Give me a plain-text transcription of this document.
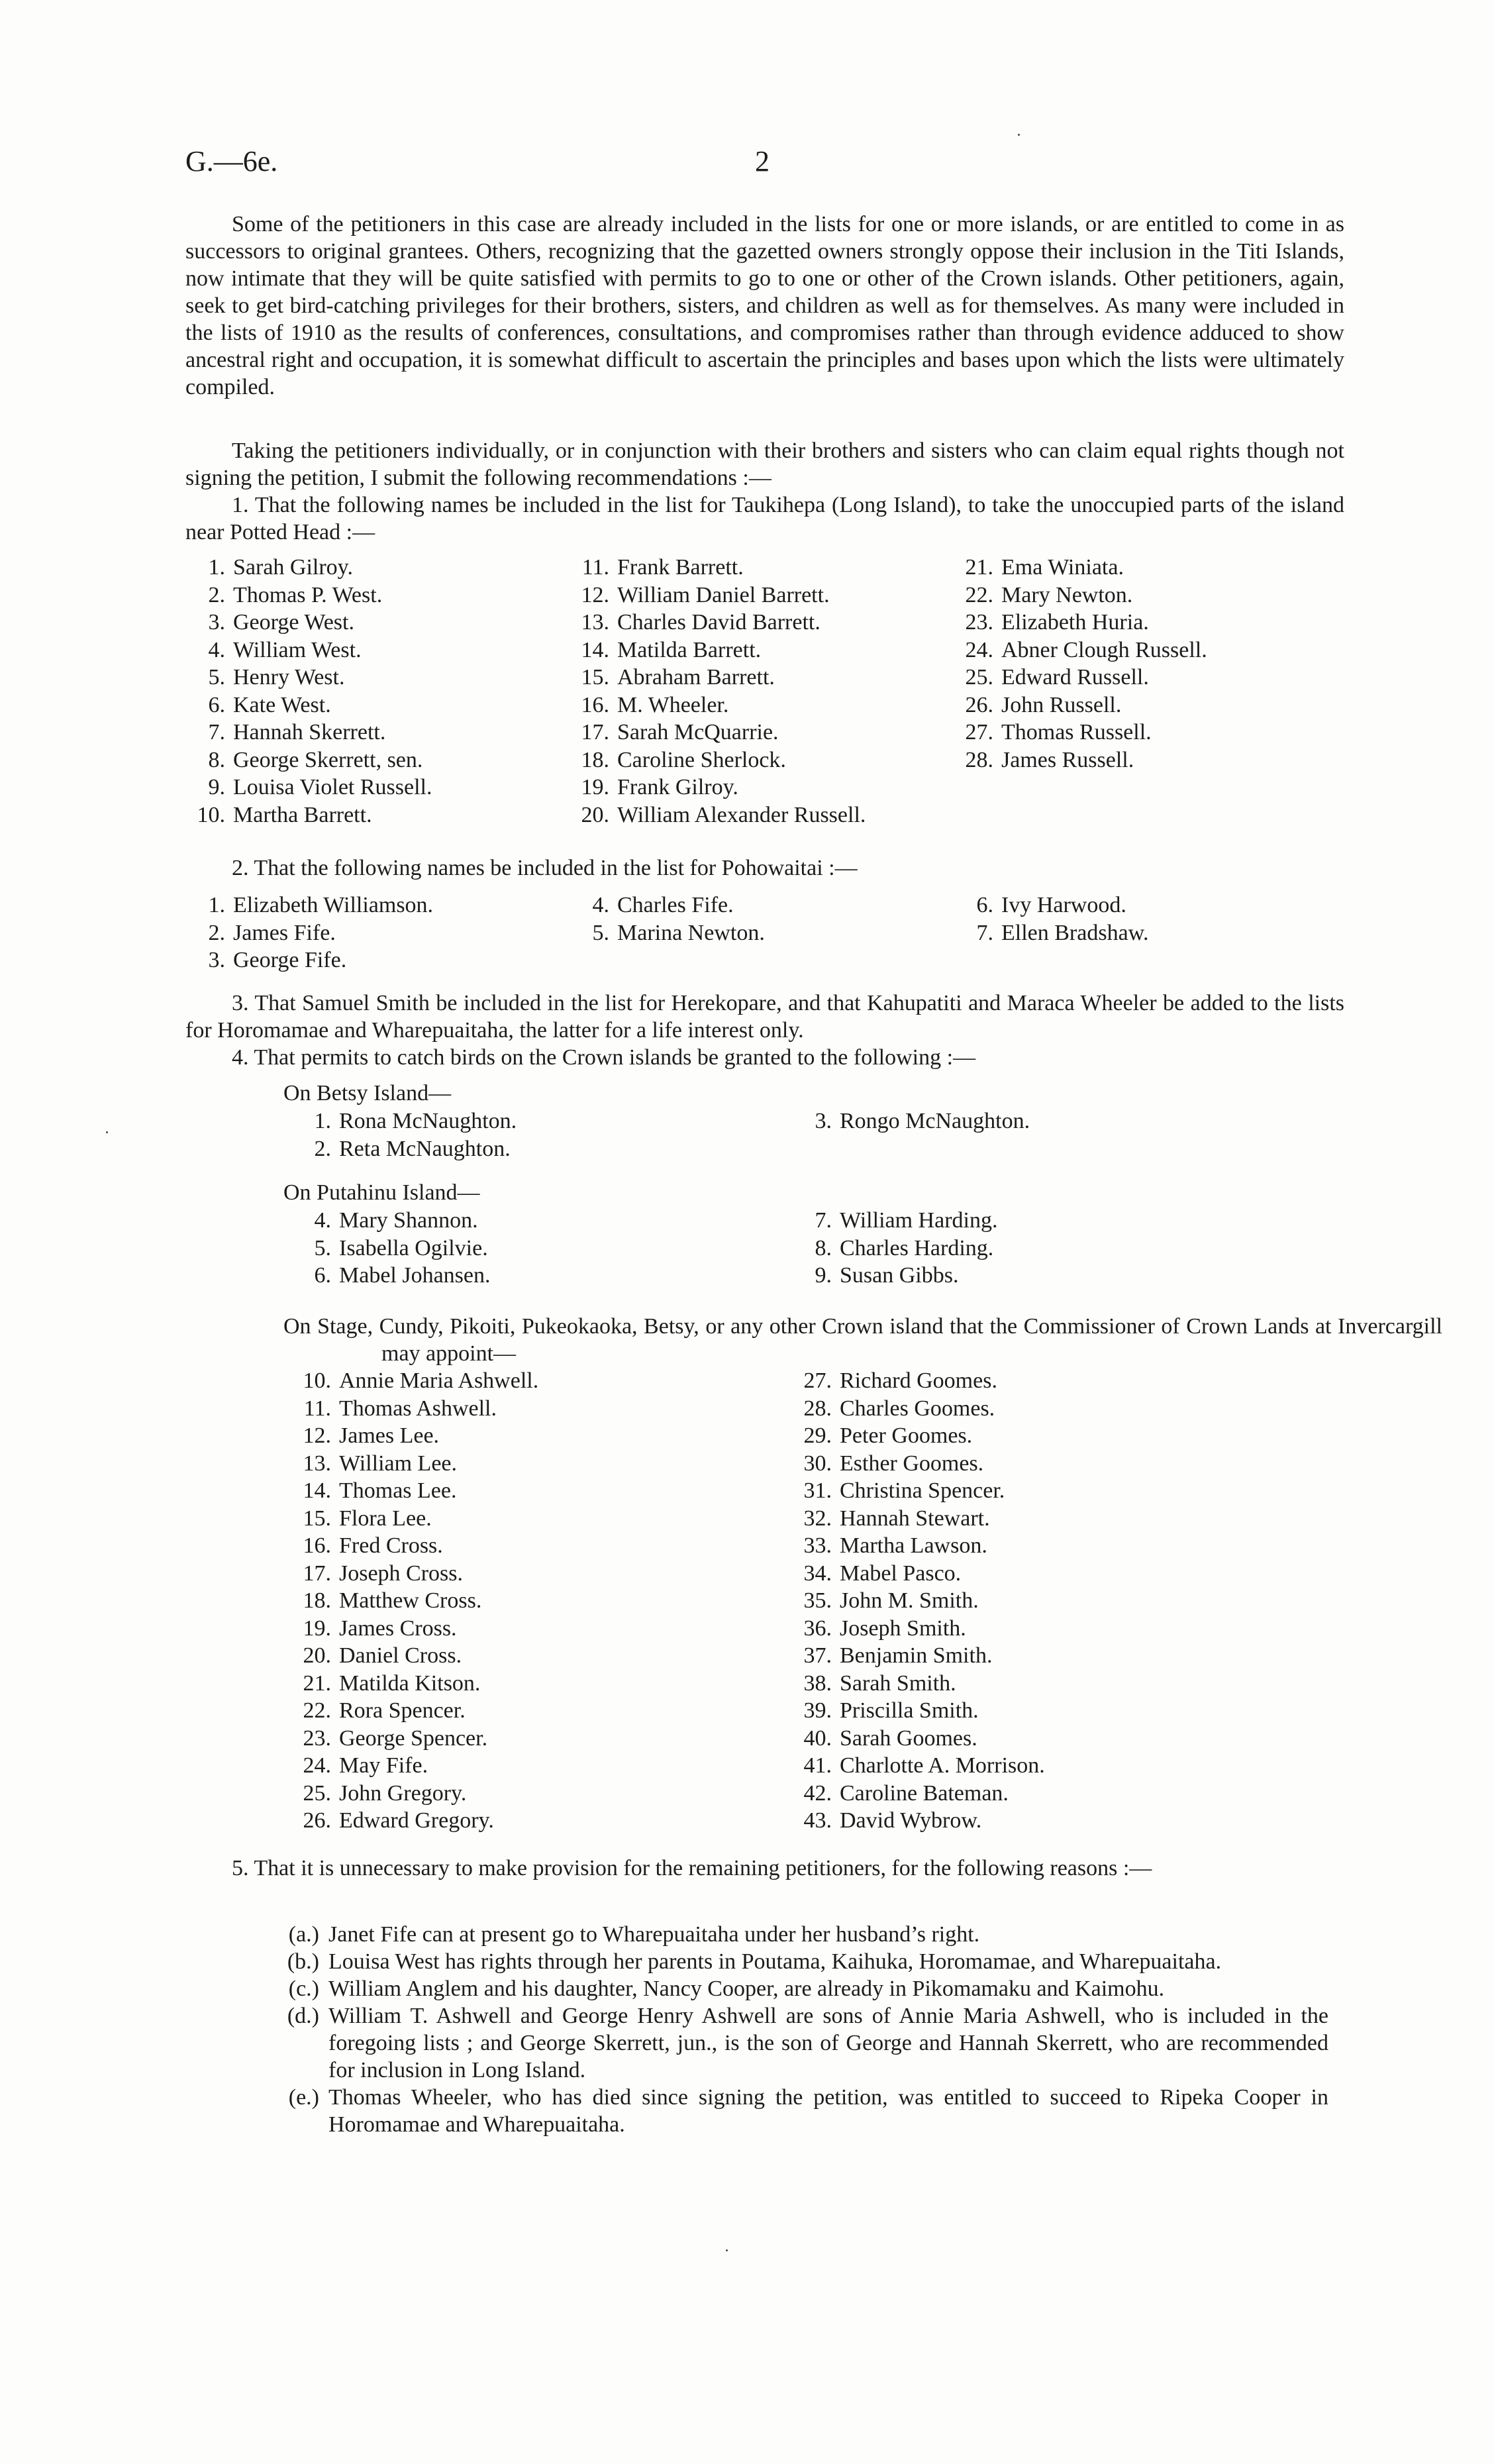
G.—6e.	2
Some of the petitioners in this case are already included in the lists for one or more islands, or are entitled to come in as successors to original grantees. Others, recognizing that the gazetted owners strongly oppose their inclusion in the Titi Islands, now intimate that they will be quite satisfied with permits to go to one or other of the Crown islands. Other petitioners, again, seek to get bird-catching privileges for their brothers, sisters, and children as well as for themselves. As many were included in the lists of 1910 as the results of conferences, consultations, and compromises rather than through evidence adduced to show ancestral right and occupation, it is somewhat difficult to ascertain the principles and bases upon which the lists were ultimately compiled.
Taking the petitioners individually, or in conjunction with their brothers and sisters who can claim equal rights though not signing the petition, I submit the following recommendations :—
1. That the following names be included in the list for Taukihepa (Long Island), to take the unoccupied parts of the island near Potted Head :—
1. Sarah Gilroy.
2. Thomas P. West.
3. George West.
4. William West.
5. Henry West.
6. Kate West.
7. Hannah Skerrett.
8. George Skerrett, sen.
9. Louisa Violet Russell.
10. Martha Barrett.
11. Frank Barrett.
12. William Daniel Barrett.
13. Charles David Barrett.
14. Matilda Barrett.
15. Abraham Barrett.
16. M. Wheeler.
17. Sarah McQuarrie.
18. Caroline Sherlock.
19. Frank Gilroy.
20. William Alexander Russell.
21. Ema Winiata.
22. Mary Newton.
23. Elizabeth Huria.
24. Abner Clough Russell.
25. Edward Russell.
26. John Russell.
27. Thomas Russell.
28. James Russell.
2. That the following names be included in the list for Pohowaitai :—
1. Elizabeth Williamson.
2. James Fife.
3. George Fife.
4. Charles Fife.
5. Marina Newton.
6. Ivy Harwood.
7. Ellen Bradshaw.
3. That Samuel Smith be included in the list for Herekopare, and that Kahupatiti and Maraca Wheeler be added to the lists for Horomamae and Wharepuaitaha, the latter for a life interest only.
4. That permits to catch birds on the Crown islands be granted to the following :—
On Betsy Island—
1. Rona McNaughton.
2. Reta McNaughton.
3. Rongo McNaughton.
On Putahinu Island—
4. Mary Shannon.
5. Isabella Ogilvie.
6. Mabel Johansen.
7. William Harding.
8. Charles Harding.
9. Susan Gibbs.
On Stage, Cundy, Pikoiti, Pukeokaoka, Betsy, or any other Crown island that the Commissioner of Crown Lands at Invercargill may appoint—
10. Annie Maria Ashwell.
11. Thomas Ashwell.
12. James Lee.
13. William Lee.
14. Thomas Lee.
15. Flora Lee.
16. Fred Cross.
17. Joseph Cross.
18. Matthew Cross.
19. James Cross.
20. Daniel Cross.
21. Matilda Kitson.
22. Rora Spencer.
23. George Spencer.
24. May Fife.
25. John Gregory.
26. Edward Gregory.
27. Richard Goomes.
28. Charles Goomes.
29. Peter Goomes.
30. Esther Goomes.
31. Christina Spencer.
32. Hannah Stewart.
33. Martha Lawson.
34. Mabel Pasco.
35. John M. Smith.
36. Joseph Smith.
37. Benjamin Smith.
38. Sarah Smith.
39. Priscilla Smith.
40. Sarah Goomes.
41. Charlotte A. Morrison.
42. Caroline Bateman.
43. David Wybrow.
5. That it is unnecessary to make provision for the remaining petitioners, for the following reasons :—
(a.) Janet Fife can at present go to Wharepuaitaha under her husband’s right.
(b.) Louisa West has rights through her parents in Poutama, Kaihuka, Horomamae, and Wharepuaitaha.
(c.) William Anglem and his daughter, Nancy Cooper, are already in Pikomamaku and Kaimohu.
(d.) William T. Ashwell and George Henry Ashwell are sons of Annie Maria Ashwell, who is included in the foregoing lists ; and George Skerrett, jun., is the son of George and Hannah Skerrett, who are recommended for inclusion in Long Island.
(e.) Thomas Wheeler, who has died since signing the petition, was entitled to succeed to Ripeka Cooper in Horomamae and Wharepuaitaha.
